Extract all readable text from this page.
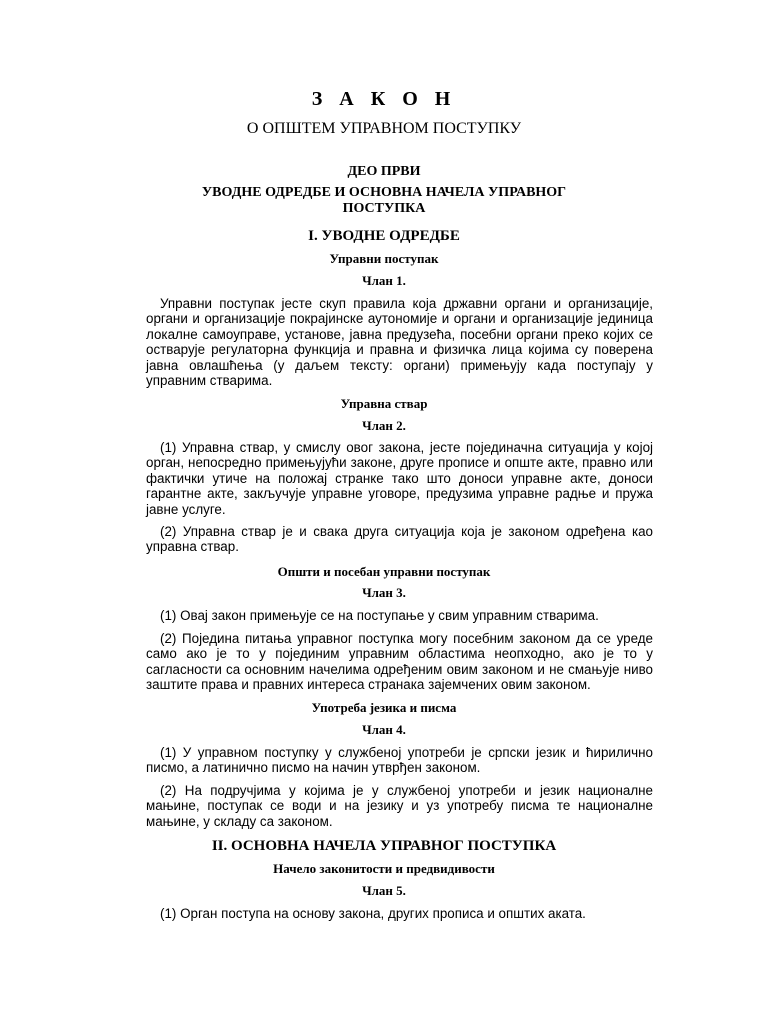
З А К О Н
О ОПШТЕМ УПРАВНОМ ПОСТУПКУ
ДЕО ПРВИ
УВОДНЕ ОДРЕДБЕ И ОСНОВНА НАЧЕЛА УПРАВНОГ ПОСТУПКА
I. УВОДНЕ ОДРЕДБЕ
Управни поступак
Члан 1.
Управни поступак јесте скуп правила која државни органи и организације, органи и организације покрајинске аутономије и органи и организације јединица локалне самоуправе, установе, јавна предузећа, посебни органи преко којих се остварује регулаторна функција и правна и физичка лица којима су поверена јавна овлашћења (у даљем тексту: органи) примењују када поступају у управним стварима.
Управна ствар
Члан 2.
(1) Управна ствар, у смислу овог закона, јесте појединачна ситуација у којој орган, непосредно примењујући законе, друге прописе и опште акте, правно или фактички утиче на положај странке тако што доноси управне акте, доноси гарантне акте, закључује управне уговоре, предузима управне радње и пружа јавне услуге.
(2) Управна ствар је и свака друга ситуација која је законом одређена као управна ствар.
Општи и посебан управни поступак
Члан 3.
(1) Овај закон примењује се на поступање у свим управним стварима.
(2) Поједина питања управног поступка могу посебним законом да се уреде само ако је то у појединим управним областима неопходно, ако је то у сагласности са основним начелима одређеним овим законом и не смањује ниво заштите права и правних интереса странака зајемчених овим законом.
Употреба језика и писма
Члан 4.
(1) У управном поступку у службеној употреби је српски језик и ћирилично писмо, а латинично писмо на начин утврђен законом.
(2) На подручјима у којима је у службеној употреби и језик националне мањине, поступак се води и на језику и уз употребу писма те националне мањине, у складу са законом.
II. ОСНОВНА НАЧЕЛА УПРАВНОГ ПОСТУПКА
Начело законитости и предвидивости
Члан 5.
(1) Орган поступа на основу закона, других прописа и општих аката.
